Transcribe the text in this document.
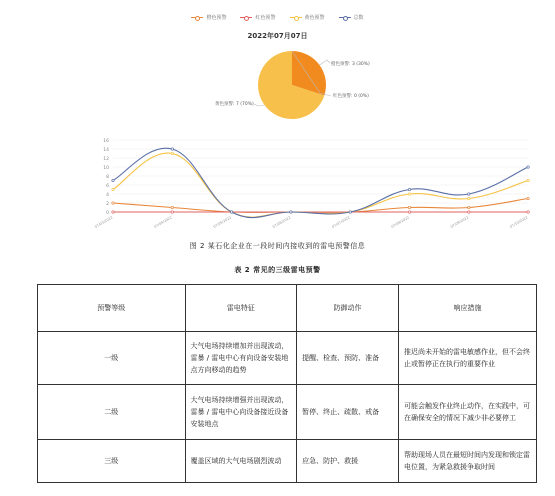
橙色预警	红色预警	黄色预警	总数
2022年07月07日
橙色预警: 3 (30%)
红色预警: 0 (0%)
黄色预警: 7 (70%)
0
2
4
6
8
10
12
14
16
07/03/2022	07/04/2022	07/05/2022	07/06/2022	07/07/2022	07/08/2022	07/09/2022	07/10/2022
图 2 某石化企业在一段时间内接收到的雷电预警信息
表 2 常见的三级雷电预警
预警等级	雷电特征	防御动作	响应措施
一级	大气电场持续增加并出现波动，雷暴 / 雷电中心有向设备安装地点方向移动的趋势	提醒、检查、预防、准备	推迟尚未开始的雷电敏感作业，但不会终止或暂停正在执行的重要作业
二级	大气电场持续增强并出现波动，雷暴 / 雷电中心向设备接近设备安装地点	暂停、终止、疏散、戒备	可能会触发作业终止动作，在实践中，可在确保安全的情况下减少非必要停工
三级	覆盖区域的大气电场剧烈波动	应急、防护、救援	帮助现场人员在最短时间内发现和锁定雷电位置，为紧急救援争取时间
